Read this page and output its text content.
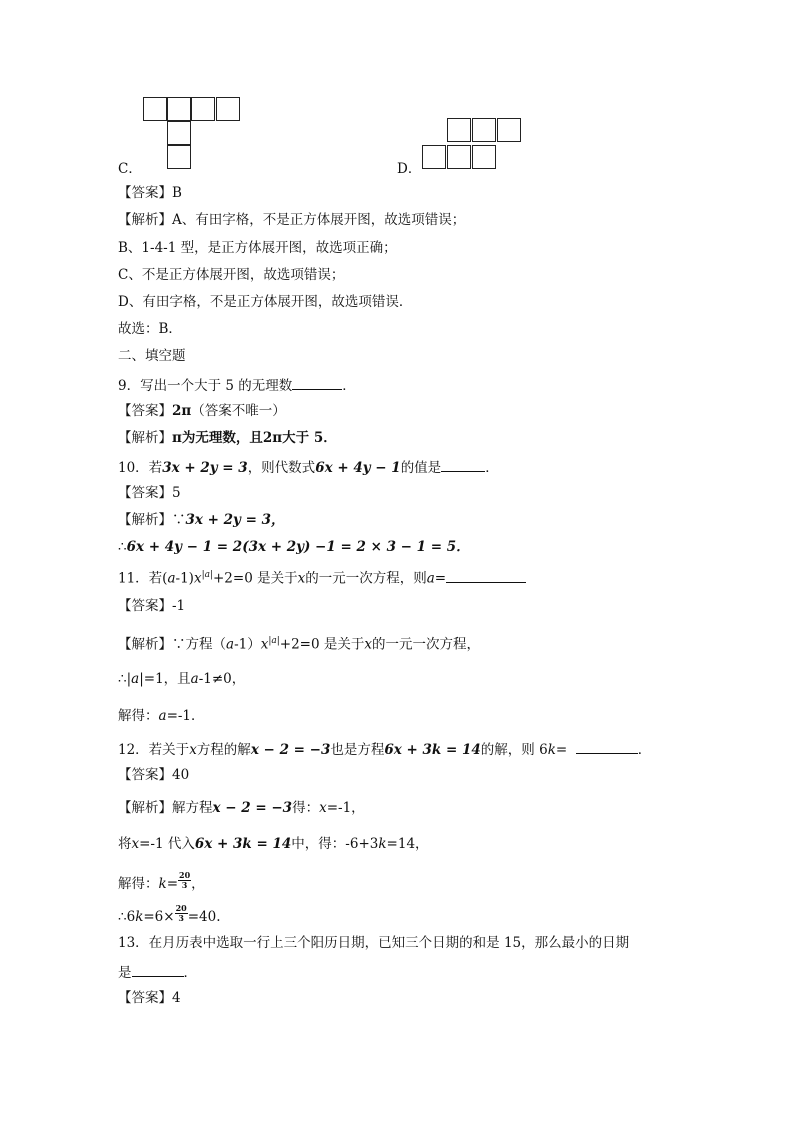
C．	D．
【答案】B
【解析】A、有田字格，不是正方体展开图，故选项错误；
B、1-4-1 型，是正方体展开图，故选项正确；
C、不是正方体展开图，故选项错误；
D、有田字格，不是正方体展开图，故选项错误．
故选：B．
二、填空题
9．写出一个大于 5 的无理数	．
【答案】2π（答案不唯一）
【解析】π为无理数，且2π大于 5．
10．若3x + 2y = 3，则代数式6x + 4y − 1的值是	．
【答案】5
【解析】∵3x + 2y = 3，
∴6x + 4y − 1 = 2(3x + 2y) −1 = 2 × 3 − 1 = 5．
11．若$(a-1)x^{|a|}+2=0$ 是关于x的一元一次方程，则a=
【答案】-1
【解析】∵方程$(a-1)x^{|a|}+2=0$ 是关于x的一元一次方程，
∴|a|=1，且a-1≠0，
解得：a=-1．
12．若关于x方程的解x − 2 = −3也是方程6x + 3k = 14的解，则 6k=	．
【答案】40
【解析】解方程x − 2 = −3得：x=-1，
将x=-1 代入6x + 3k = 14中，得：-6+3k=14，
解得：$k= \frac{20}{3}$ ，
∴6k=6× $\frac{20}{3} =40$.
13．在月历表中选取一行上三个阳历日期，已知三个日期的和是 15，那么最小的日期
是	．
【答案】4
